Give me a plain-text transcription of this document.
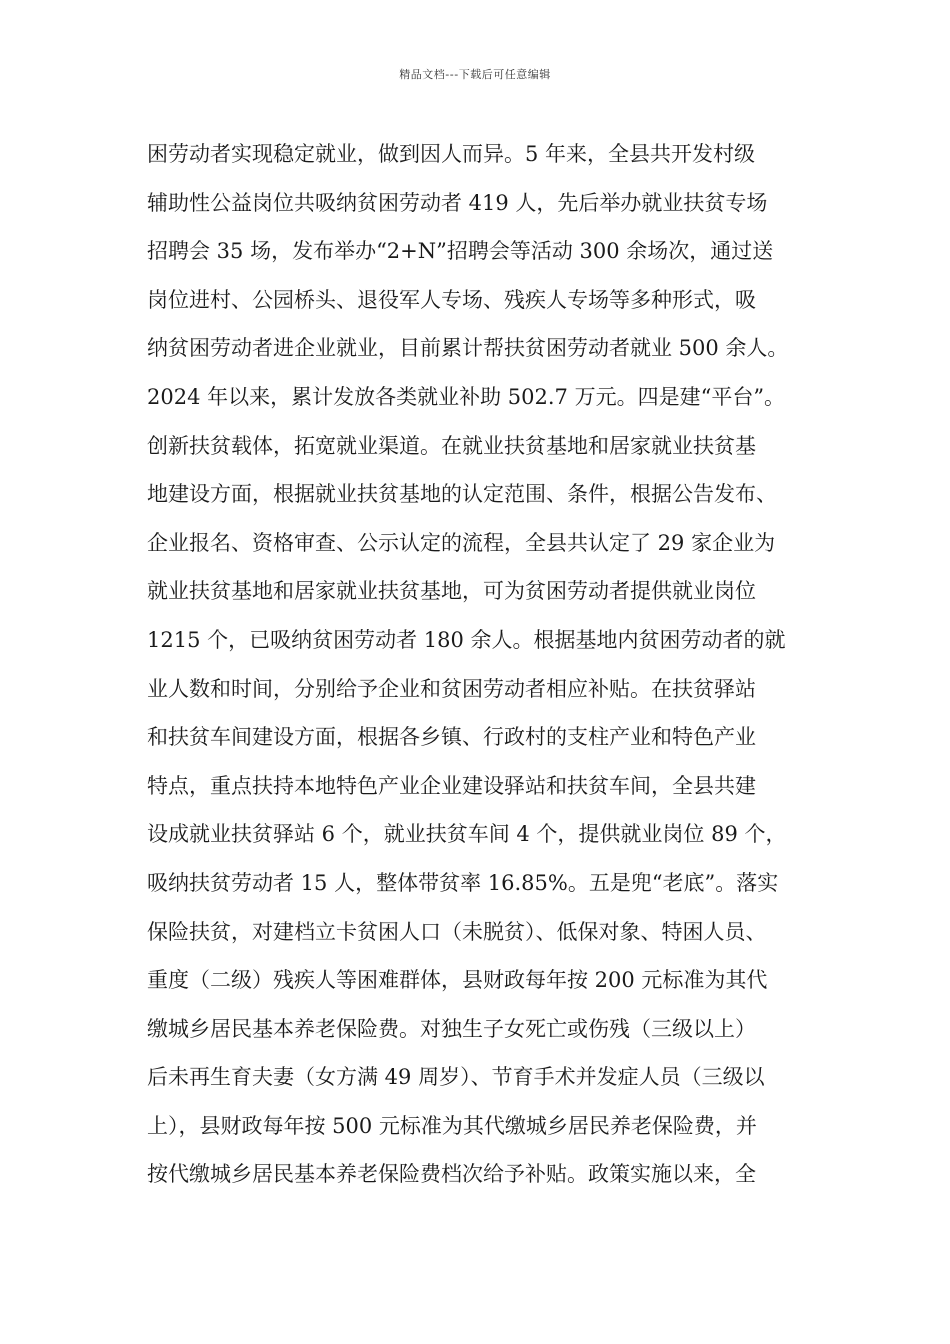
精品文档---下载后可任意编辑
困劳动者实现稳定就业，做到因人而异。5 年来，全县共开发村级
辅助性公益岗位共吸纳贫困劳动者 419 人，先后举办就业扶贫专场
招聘会 35 场，发布举办“2+N”招聘会等活动 300 余场次，通过送
岗位进村、公园桥头、退役军人专场、残疾人专场等多种形式，吸
纳贫困劳动者进企业就业，目前累计帮扶贫困劳动者就业 500 余人。
2024 年以来，累计发放各类就业补助 502.7 万元。四是建“平台”。
创新扶贫载体，拓宽就业渠道。在就业扶贫基地和居家就业扶贫基
地建设方面，根据就业扶贫基地的认定范围、条件，根据公告发布、
企业报名、资格审查、公示认定的流程，全县共认定了 29 家企业为
就业扶贫基地和居家就业扶贫基地，可为贫困劳动者提供就业岗位
1215 个，已吸纳贫困劳动者 180 余人。根据基地内贫困劳动者的就
业人数和时间，分别给予企业和贫困劳动者相应补贴。在扶贫驿站
和扶贫车间建设方面，根据各乡镇、行政村的支柱产业和特色产业
特点，重点扶持本地特色产业企业建设驿站和扶贫车间，全县共建
设成就业扶贫驿站 6 个，就业扶贫车间 4 个，提供就业岗位 89 个，
吸纳扶贫劳动者 15 人，整体带贫率 16.85%。五是兜“老底”。落实
保险扶贫，对建档立卡贫困人口（未脱贫）、低保对象、特困人员、
重度（二级）残疾人等困难群体，县财政每年按 200 元标准为其代
缴城乡居民基本养老保险费。对独生子女死亡或伤残（三级以上）
后未再生育夫妻（女方满 49 周岁）、节育手术并发症人员（三级以
上），县财政每年按 500 元标准为其代缴城乡居民养老保险费，并
按代缴城乡居民基本养老保险费档次给予补贴。政策实施以来，全
